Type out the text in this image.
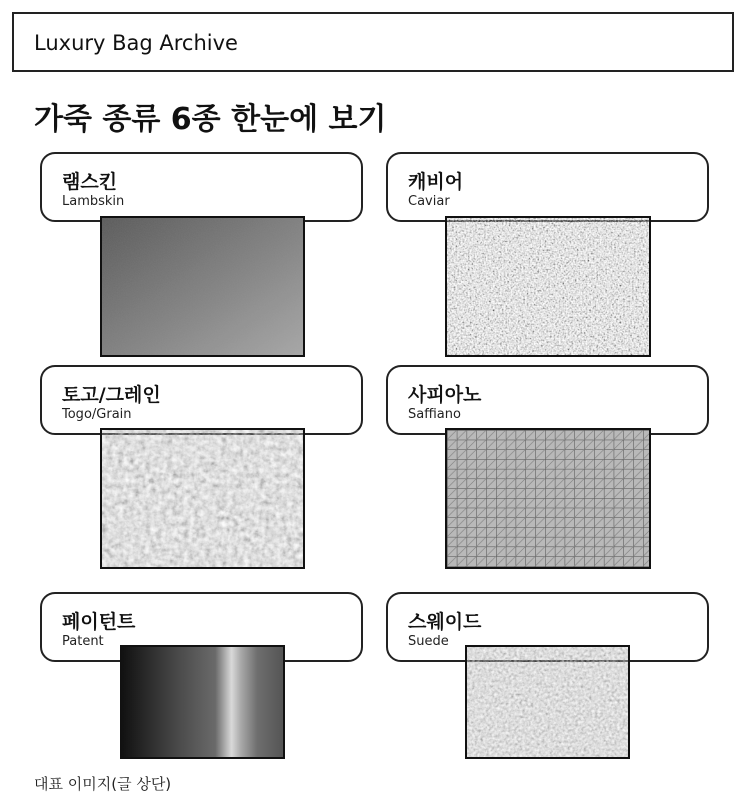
Luxury Bag Archive
가죽 종류 6종 한눈에 보기
램스킨
Lambskin
캐비어
Caviar
토고/그레인
Togo/Grain
사피아노
Saffiano
페이턴트
Patent
스웨이드
Suede
대표 이미지(글 상단)
